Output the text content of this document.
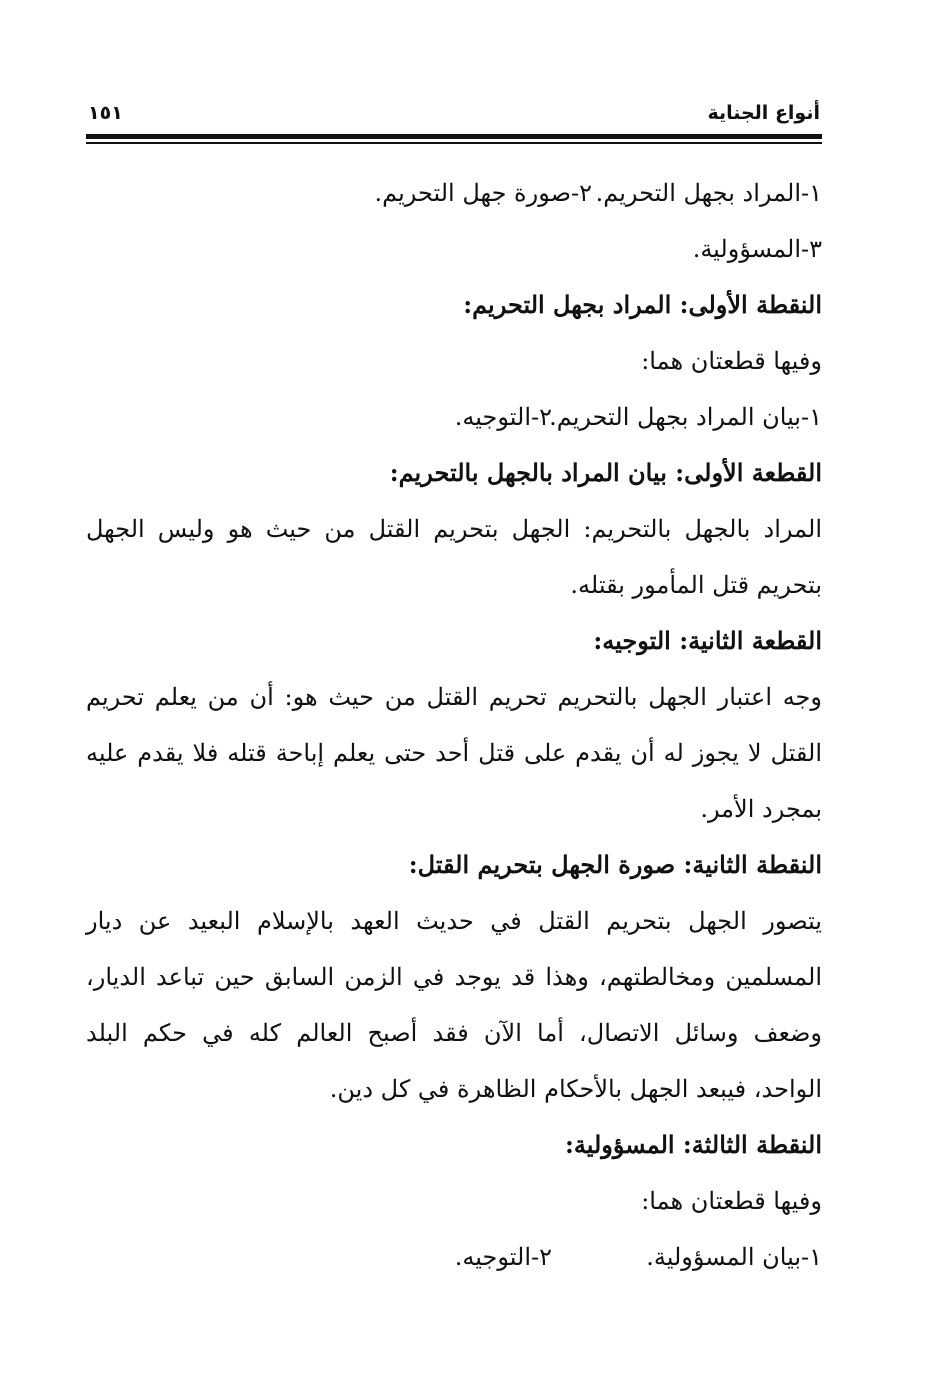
أنواع الجناية
١٥١
١-المراد بجهل التحريم.
٢-صورة جهل التحريم.
٣-المسؤولية.
النقطة الأولى: المراد بجهل التحريم:
وفيها قطعتان هما:
١-بيان المراد بجهل التحريم.
٢-التوجيه.
القطعة الأولى: بيان المراد بالجهل بالتحريم:
المراد بالجهل بالتحريم: الجهل بتحريم القتل من حيث هو وليس الجهل
بتحريم قتل المأمور بقتله.
القطعة الثانية: التوجيه:
وجه اعتبار الجهل بالتحريم تحريم القتل من حيث هو: أن من يعلم تحريم
القتل لا يجوز له أن يقدم على قتل أحد حتى يعلم إباحة قتله فلا يقدم عليه
بمجرد الأمر.
النقطة الثانية: صورة الجهل بتحريم القتل:
يتصور الجهل بتحريم القتل في حديث العهد بالإسلام البعيد عن ديار
المسلمين ومخالطتهم، وهذا قد يوجد في الزمن السابق حين تباعد الديار،
وضعف وسائل الاتصال، أما الآن فقد أصبح العالم كله في حكم البلد
الواحد، فيبعد الجهل بالأحكام الظاهرة في كل دين.
النقطة الثالثة: المسؤولية:
وفيها قطعتان هما:
١-بيان المسؤولية.
٢-التوجيه.
